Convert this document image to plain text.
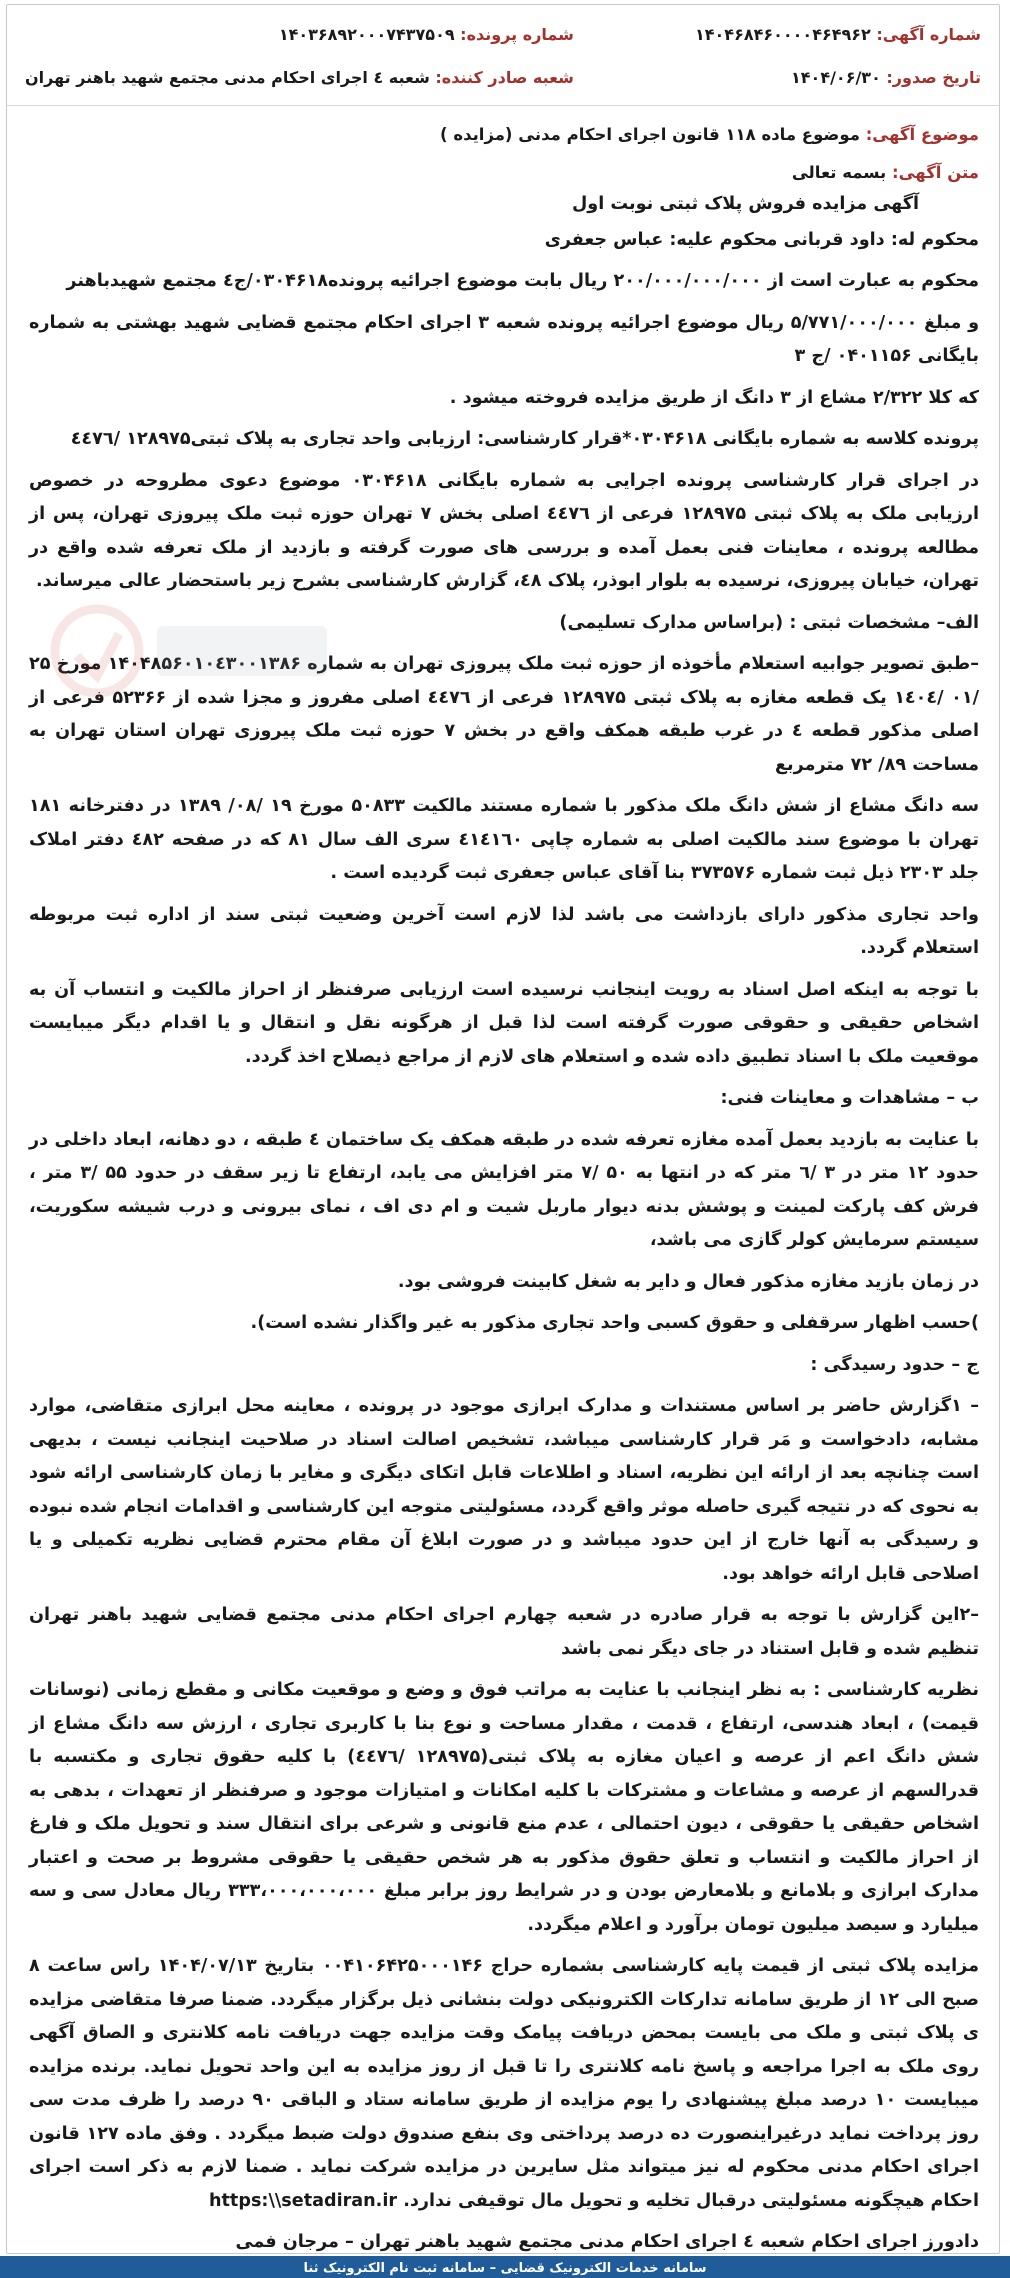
شماره آگهی: ۱۴۰۴۶۸۴۶۰۰۰۰۴۶۴۹۶۲
شماره پرونده: ۱۴۰۳۶۸۹۲۰۰۰۷۴۳۷۵۰۹
تاریخ صدور: ۱۴۰۴/۰۶/۳۰
شعبه صادر کننده: شعبه ٤ اجرای احکام مدنی مجتمع شهید باهنر تهران
موضوع آگهی: موضوع ماده ۱۱۸ قانون اجرای احکام مدنی (مزایده )
متن آگهی: بسمه تعالی

آگهی مزایده فروش پلاک ثبتی نوبت اول

محکوم له: داود قربانی محکوم علیه: عباس جعفری

محکوم به عبارت است از ۲۰۰/۰۰۰/۰۰۰/۰۰۰ ریال بابت موضوع اجرائیه پرونده۰۳۰۴۶۱۸/ج٤ مجتمع شهیدباهنر

و مبلغ ۵/۷۷۱/۰۰۰/۰۰۰ ریال موضوع اجرائیه پرونده شعبه ۳ اجرای احکام مجتمع قضایی شهید بهشتی به شماره بایگانی ۰۴۰۱۱۵۶ /ج ۳

که کلا ۲/۳۲۲ مشاع از ۳ دانگ از طریق مزایده فروخته میشود .

پرونده کلاسه به شماره بایگانی ۰۳۰۴۶۱۸*قرار کارشناسی: ارزیابی واحد تجاری به پلاک ثبتی۱۲۸۹۷۵ /٤٤٧٦

در اجرای قرار کارشناسی پرونده اجرایی به شماره بایگانی ۰۳۰۴۶۱۸ موضوع دعوی مطروحه در خصوص ارزیابی ملک به پلاک ثبتی ۱۲۸۹۷۵ فرعی از ٤٤٧٦ اصلی بخش ۷ تهران حوزه ثبت ملک پیروزی تهران، پس از مطالعه پرونده ، معاینات فنی بعمل آمده و بررسی های صورت گرفته و بازدید از ملک تعرفه شده واقع در تهران، خیابان پیروزی، نرسیده به بلوار ابوذر، پلاک ٤٨، گزارش کارشناسی بشرح زیر باستحضار عالی میرساند.

الف– مشخصات ثبتی : (براساس مدارک تسلیمی)

–طبق تصویر جوابیه استعلام مأخوذه از حوزه ثبت ملک پیروزی تهران به شماره ۱۴۰۴۸۵۶۰۱۰٤۳۰۰۱۳۸۶ مورخ ۲۵ /۰۱ /۱٤۰٤ یک قطعه مغازه به پلاک ثبتی ۱۲۸۹۷۵ فرعی از ٤٤٧٦ اصلی مفروز و مجزا شده از ۵۲۳۶۶ فرعی از اصلی مذکور قطعه ٤ در غرب طبقه همکف واقع در بخش ۷ حوزه ثبت ملک پیروزی تهران استان تهران به مساحت ۸۹/ ۷۲ مترمربع

سه دانگ مشاع از شش دانگ ملک مذکور با شماره مستند مالکیت ۵۰۸۳۳ مورخ ۱۹ /۰۸/ ۱۳۸۹ در دفترخانه ۱۸۱ تهران با موضوع سند مالکیت اصلی به شماره چاپی ٤١٤١٦٠ سری الف سال ۸۱ که در صفحه ٤۸۲ دفتر املاک جلد ۲۳۰۳ ذیل ثبت شماره ۳۷۳۵۷۶ بنا آقای عباس جعفری ثبت گردیده است .

واحد تجاری مذکور دارای بازداشت می باشد لذا لازم است آخرین وضعیت ثبتی سند از اداره ثبت مربوطه استعلام گردد.

با توجه به اینکه اصل اسناد به رویت اینجانب نرسیده است ارزیابی صرفنظر از احراز مالکیت و انتساب آن به اشخاص حقیقی و حقوقی صورت گرفته است لذا قبل از هرگونه نقل و انتقال و یا اقدام دیگر میبایست موقعیت ملک با اسناد تطبیق داده شده و استعلام های لازم از مراجع ذیصلاح اخذ گردد.

ب – مشاهدات و معاینات فنی:

با عنایت به بازدید بعمل آمده مغازه تعرفه شده در طبقه همکف یک ساختمان ٤ طبقه ، دو دهانه، ابعاد داخلی در حدود ۱۲ متر در ۳ /٦ متر که در انتها به ۵۰ /۷ متر افزایش می یابد، ارتفاع تا زیر سقف در حدود ۵۵ /۳ متر ، فرش کف پارکت لمینت و پوشش بدنه دیوار ماربل شیت و ام دی اف ، نمای بیرونی و درب شیشه سکوریت، سیستم سرمایش کولر گازی می باشد،

در زمان بازید مغازه مذکور فعال و دایر به شغل کابینت فروشی بود.

)حسب اظهار سرقفلی و حقوق کسبی واحد تجاری مذکور به غیر واگذار نشده است).

ج – حدود رسیدگی :

– ۱گزارش حاضر بر اساس مستندات و مدارک ابرازی موجود در پرونده ، معاینه محل ابرازی متقاضی، موارد مشابه، دادخواست و مَر قرار کارشناسی میباشد، تشخیص اصالت اسناد در صلاحیت اینجانب نیست ، بدیهی است چنانچه بعد از ارائه این نظریه، اسناد و اطلاعات قابل اتکای دیگری و مغایر با زمان کارشناسی ارائه شود به نحوی که در نتیجه گیری حاصله موثر واقع گردد، مسئولیتی متوجه این کارشناسی و اقدامات انجام شده نبوده و رسیدگی به آنها خارج از این حدود میباشد و در صورت ابلاغ آن مقام محترم قضایی نظریه تکمیلی و یا اصلاحی قابل ارائه خواهد بود.

–۲این گزارش با توجه به قرار صادره در شعبه چهارم اجرای احکام مدنی مجتمع قضایی شهید باهنر تهران تنظیم شده و قابل استناد در جای دیگر نمی باشد

نظریه کارشناسی : به نظر اینجانب با عنایت به مراتب فوق و وضع و موقعیت مکانی و مقطع زمانی (نوسانات قیمت) ، ابعاد هندسی، ارتفاع ، قدمت ، مقدار مساحت و نوع بنا با کاربری تجاری ، ارزش سه دانگ مشاع از شش دانگ اعم از عرصه و اعیان مغازه به پلاک ثبتی(۱۲۸۹۷۵ /٤٤٧٦) با کلیه حقوق تجاری و مکتسبه با قدرالسهم از عرصه و مشاعات و مشترکات با کلیه امکانات و امتیازات موجود و صرفنظر از تعهدات ، بدهی به اشخاص حقیقی یا حقوقی ، دیون احتمالی ، عدم منع قانونی و شرعی برای انتقال سند و تحویل ملک و فارغ از احراز مالکیت و انتساب و تعلق حقوق مذکور به هر شخص حقیقی یا حقوقی مشروط بر صحت و اعتبار مدارک ابرازی و بلامانع و بلامعارض بودن و در شرایط روز برابر مبلغ ۳۳۳،۰۰۰،۰۰۰،۰۰۰ ریال معادل سی و سه میلیارد و سیصد میلیون تومان برآورد و اعلام میگردد.

مزایده پلاک ثبتی از قیمت پایه کارشناسی بشماره حراج ۰۰۴۱۰۶۴۲۵۰۰۰۱۴۶ بتاریخ ۱۴۰۴/۰۷/۱۳ راس ساعت ۸ صبح الی ۱۲ از طریق سامانه تدارکات الکترونیکی دولت بنشانی ذیل برگزار میگردد. ضمنا صرفا متقاضی مزایده ی پلاک ثبتی و ملک می بایست بمحض دریافت پیامک وقت مزایده جهت دریافت نامه کلانتری و الصاق آگهی روی ملک به اجرا مراجعه و پاسخ نامه کلانتری را تا قبل از روز مزایده به این واحد تحویل نماید. برنده مزایده میبایست ۱۰ درصد مبلغ پیشنهادی را یوم مزایده از طریق سامانه ستاد و الباقی ۹۰ درصد را ظرف مدت سی روز پرداخت نماید درغیراینصورت ده درصد پرداختی وی بنفع صندوق دولت ضبط میگردد . وفق ماده ۱۲۷ قانون اجرای احکام مدنی محکوم له نیز میتواند مثل سایرین در مزایده شرکت نماید . ضمنا لازم به ذکر است اجرای احکام هیچگونه مسئولیتی درقبال تخلیه و تحویل مال توقیفی ندارد. https:\\setadiran.ir

دادورز اجرای احکام شعبه ٤ اجرای احکام مدنی مجتمع شهید باهنر تهران – مرجان فمی

سامانه خدمات الکترونیک قضایی – سامانه ثبت نام الکترونیک ثنا
